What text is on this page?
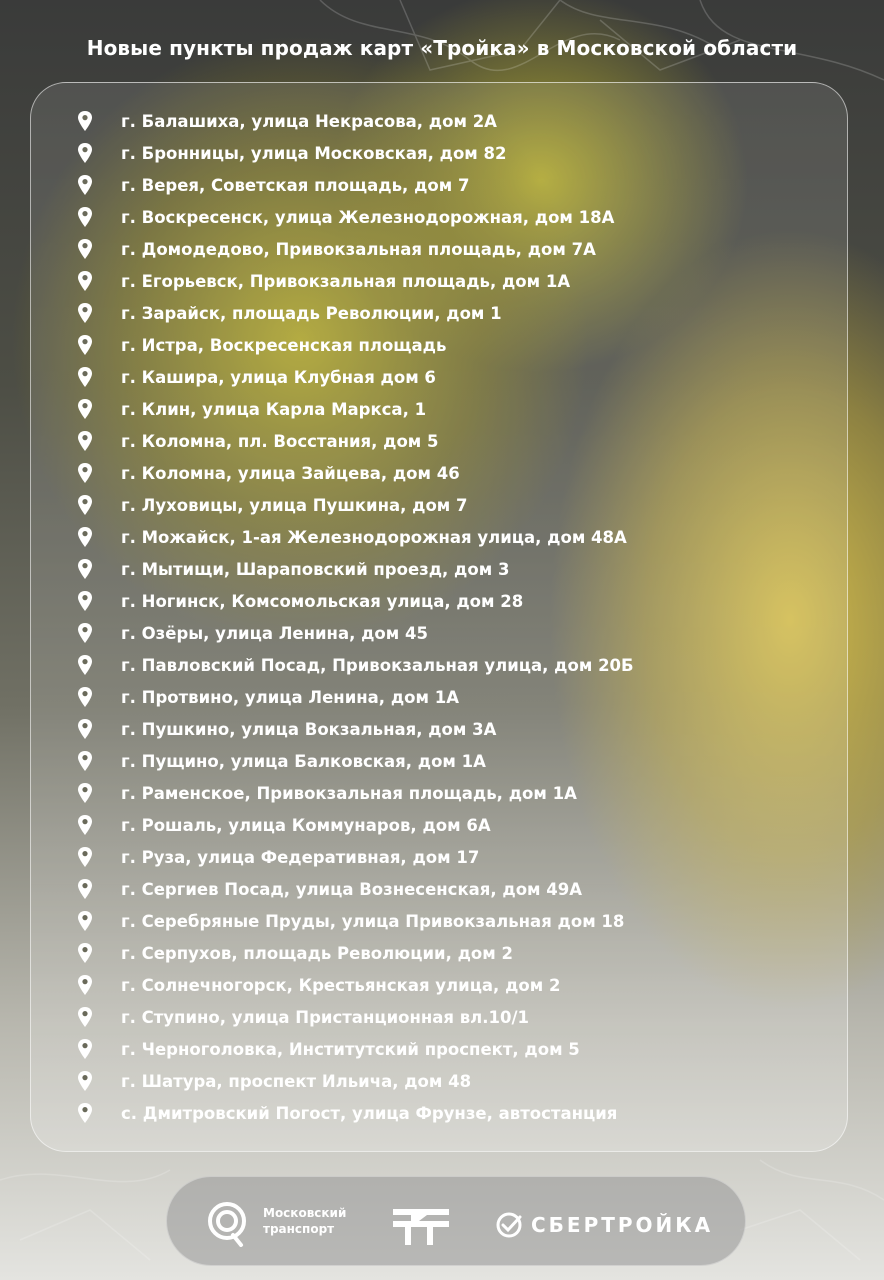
Новые пункты продаж карт «Тройка» в Московской области
г. Балашиха, улица Некрасова, дом 2А
г. Бронницы, улица Московская, дом 82
г. Верея, Советская площадь, дом 7
г. Воскресенск, улица Железнодорожная, дом 18А
г. Домодедово, Привокзальная площадь, дом 7А
г. Егорьевск, Привокзальная площадь, дом 1А
г. Зарайск, площадь Революции, дом 1
г. Истра, Воскресенская площадь
г. Кашира, улица Клубная дом 6
г. Клин, улица Карла Маркса, 1
г. Коломна, пл. Восстания, дом 5
г. Коломна, улица Зайцева, дом 46
г. Луховицы, улица Пушкина, дом 7
г. Можайск, 1-ая Железнодорожная улица, дом 48А
г. Мытищи, Шараповский проезд, дом 3
г. Ногинск, Комсомольская улица, дом 28
г. Озёры, улица Ленина, дом 45
г. Павловский Посад, Привокзальная улица, дом 20Б
г. Протвино, улица Ленина, дом 1А
г. Пушкино, улица Вокзальная, дом 3А
г. Пущино, улица Балковская, дом 1А
г. Раменское, Привокзальная площадь, дом 1А
г. Рошаль, улица Коммунаров, дом 6А
г. Руза, улица Федеративная, дом 17
г. Сергиев Посад, улица Вознесенская, дом 49А
г. Серебряные Пруды, улица Привокзальная дом 18
г. Серпухов, площадь Революции, дом 2
г. Солнечногорск, Крестьянская улица, дом 2
г. Ступино, улица Пристанционная вл.10/1
г. Черноголовка, Институтский проспект, дом 5
г. Шатура, проспект Ильича, дом 48
с. Дмитровский Погост, улица Фрунзе, автостанция
Московский
транспорт	СБЕРТРОЙКА
